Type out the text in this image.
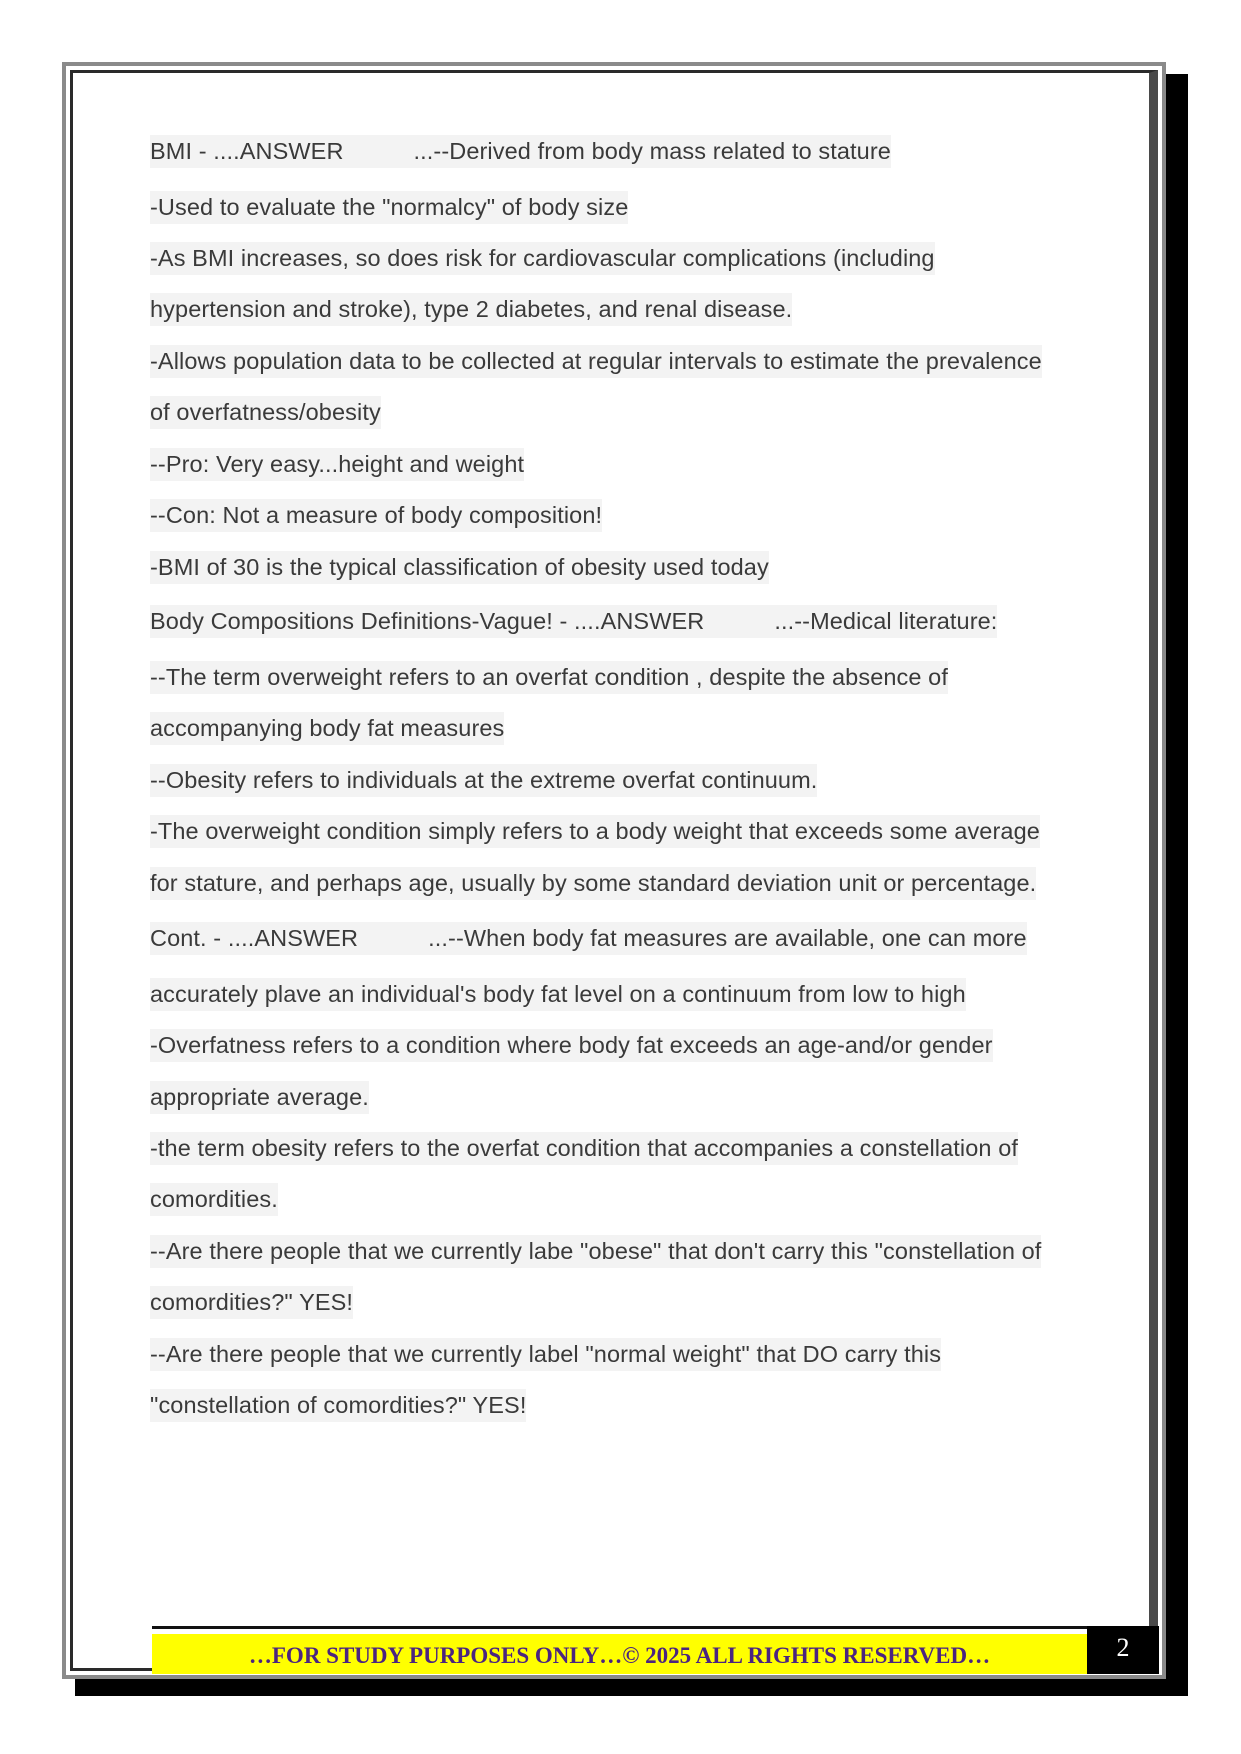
BMI - ....ANSWER	...--Derived from body mass related to stature
-Used to evaluate the "normalcy" of body size
-As BMI increases, so does risk for cardiovascular complications (including
hypertension and stroke), type 2 diabetes, and renal disease.
-Allows population data to be collected at regular intervals to estimate the prevalence
of overfatness/obesity
--Pro: Very easy...height and weight
--Con: Not a measure of body composition!
-BMI of 30 is the typical classification of obesity used today
Body Compositions Definitions-Vague! - ....ANSWER	...--Medical literature:
--The term overweight refers to an overfat condition , despite the absence of
accompanying body fat measures
--Obesity refers to individuals at the extreme overfat continuum.
-The overweight condition simply refers to a body weight that exceeds some average
for stature, and perhaps age, usually by some standard deviation unit or percentage.
Cont. - ....ANSWER	...--When body fat measures are available, one can more
accurately plave an individual's body fat level on a continuum from low to high
-Overfatness refers to a condition where body fat exceeds an age-and/or gender
appropriate average.
-the term obesity refers to the overfat condition that accompanies a constellation of
comordities.
--Are there people that we currently labe "obese" that don't carry this "constellation of
comordities?" YES!
--Are there people that we currently label "normal weight" that DO carry this
"constellation of comordities?" YES!
…FOR STUDY PURPOSES ONLY…© 2025 ALL RIGHTS RESERVED…	2
